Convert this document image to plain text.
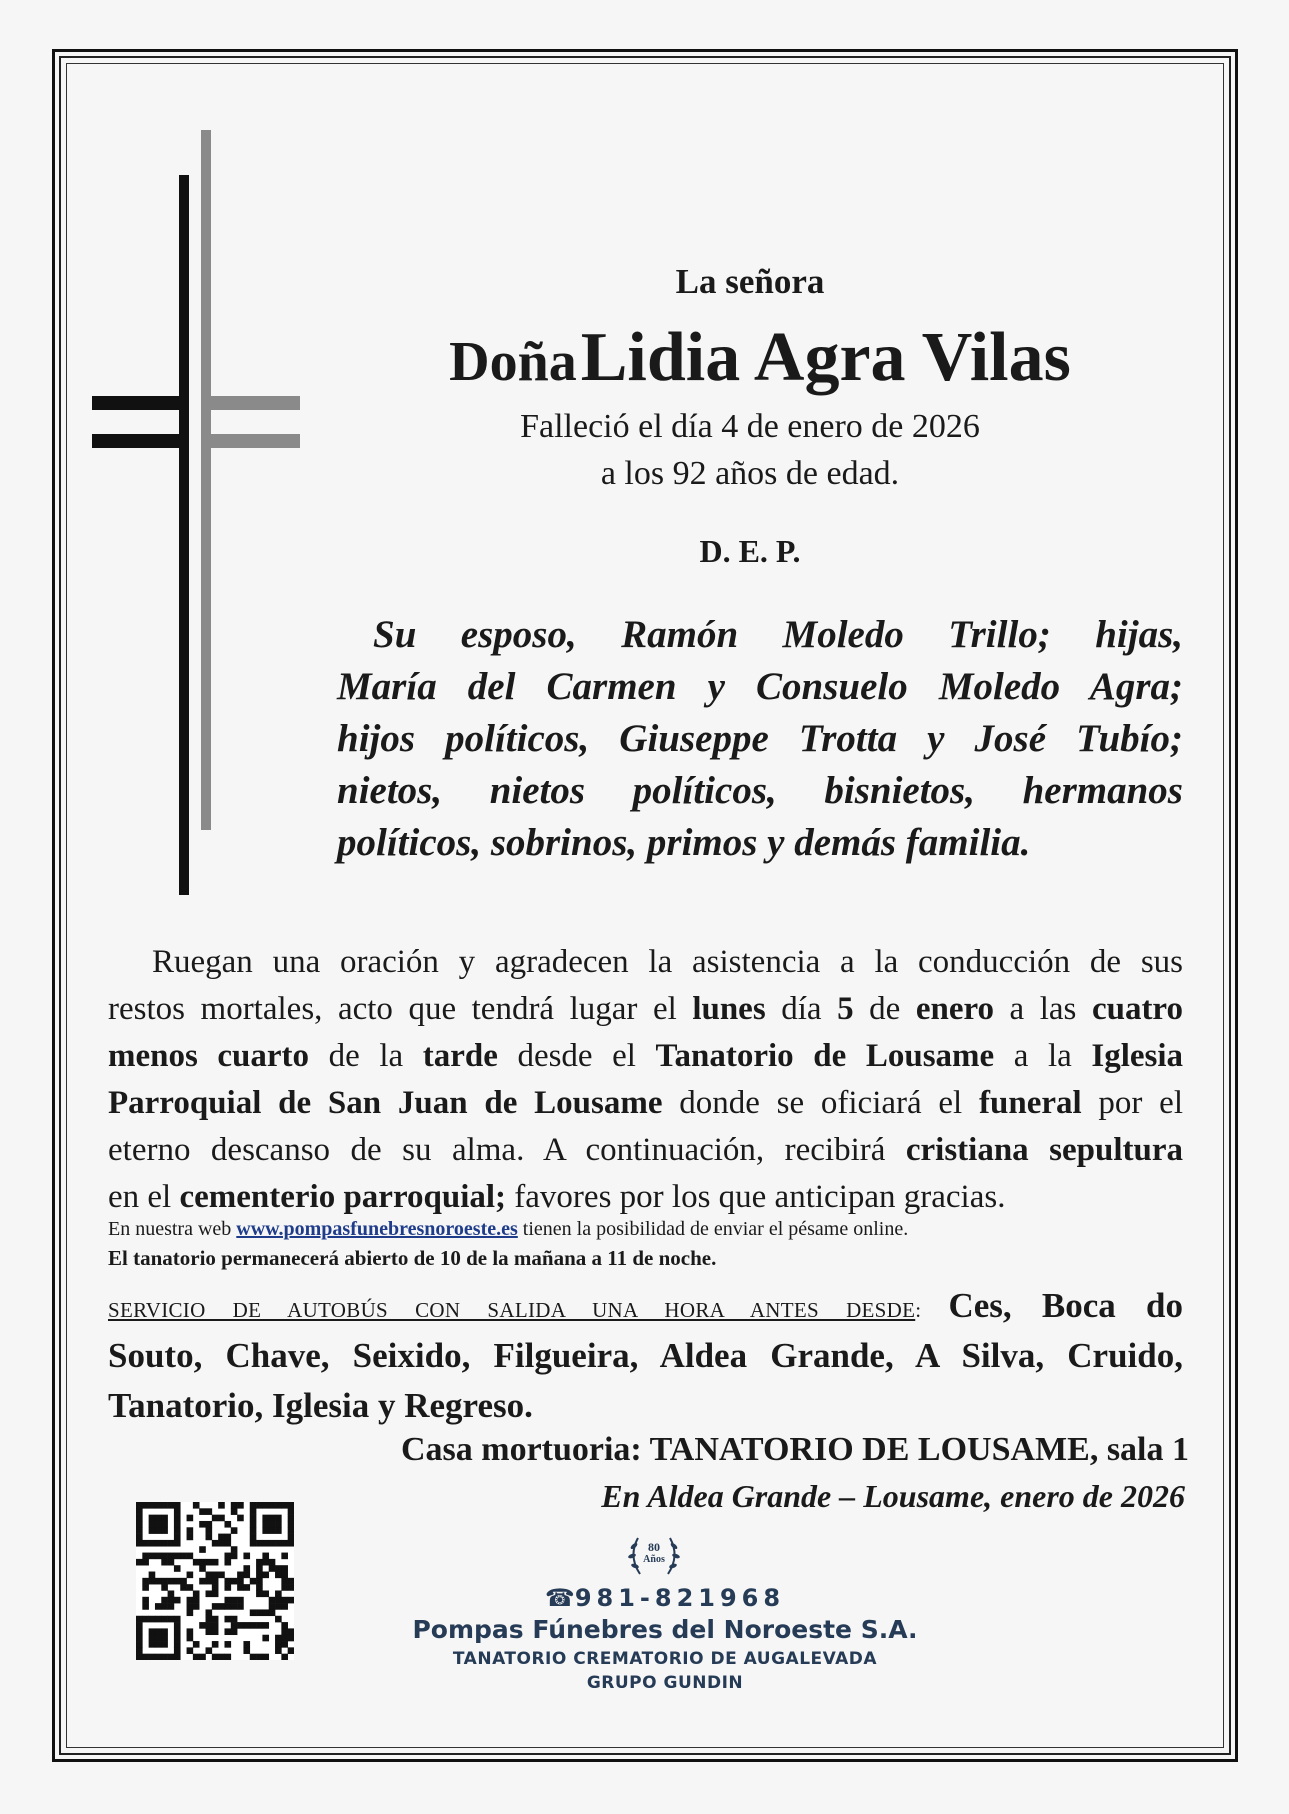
La señora
Doña Lidia Agra Vilas
Falleció el día 4 de enero de 2026
a los 92 años de edad.
D. E. P.
Su esposo, Ramón Moledo Trillo; hijas,
María del Carmen y Consuelo Moledo Agra;
hijos políticos, Giuseppe Trotta y José Tubío;
nietos, nietos políticos, bisnietos, hermanos
políticos, sobrinos, primos y demás familia.
Ruegan una oración y agradecen la asistencia a la conducción de sus
restos mortales, acto que tendrá lugar el lunes día 5 de enero a las cuatro
menos cuarto de la tarde desde el Tanatorio de Lousame a la Iglesia
Parroquial de San Juan de Lousame donde se oficiará el funeral por el
eterno descanso de su alma. A continuación, recibirá cristiana sepultura
en el cementerio parroquial; favores por los que anticipan gracias.
En nuestra web www.pompasfunebresnoroeste.es tienen la posibilidad de enviar el pésame online.
El tanatorio permanecerá abierto de 10 de la mañana a 11 de noche.
SERVICIO DE AUTOBÚS CON SALIDA UNA HORA ANTES DESDE: Ces, Boca do
Souto, Chave, Seixido, Filgueira, Aldea Grande, A Silva, Cruido,
Tanatorio, Iglesia y Regreso.
Casa mortuoria: TANATORIO DE LOUSAME, sala 1
En Aldea Grande – Lousame, enero de 2026
80
Años
☎981-821968
Pompas Fúnebres del Noroeste S.A.
TANATORIO CREMATORIO DE AUGALEVADA
GRUPO GUNDIN
